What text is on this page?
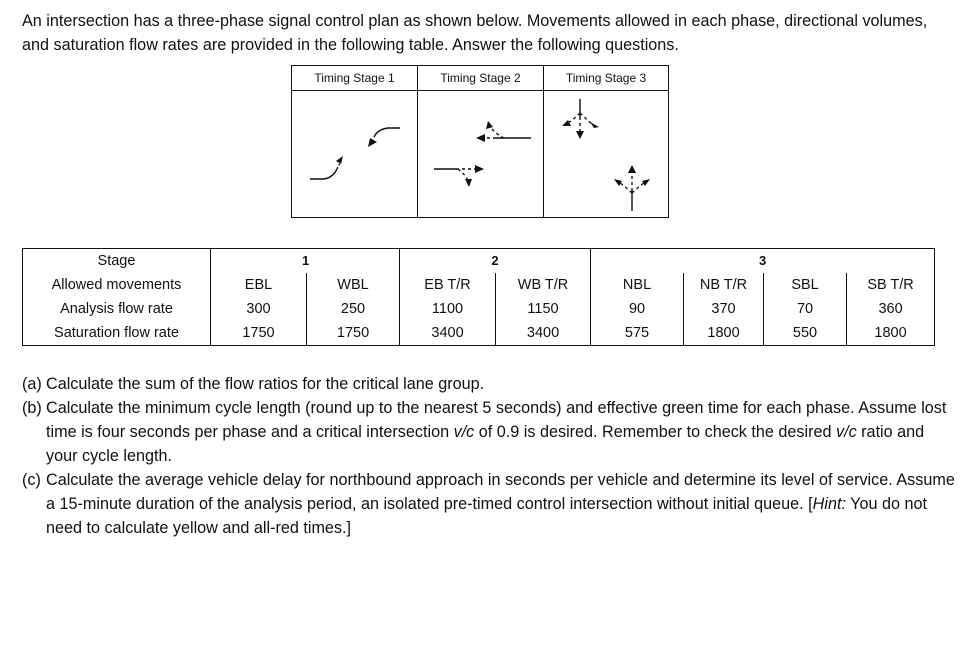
An intersection has a three-phase signal control plan as shown below. Movements allowed in each phase, directional volumes, and saturation flow rates are provided in the following table. Answer the following questions.

Timing Stage 1	Timing Stage 2	Timing Stage 3
Stage	1		2		3			
Allowed movements	EBL	WBL	EB T/R	WB T/R	NBL	NB T/R	SBL	SB T/R
Analysis flow rate	300	250	1100	1150	90	370	70	360
Saturation flow rate	1750	1750	3400	3400	575	1800	550	1800
(a) Calculate the sum of the flow ratios for the critical lane group.
(b) Calculate the minimum cycle length (round up to the nearest 5 seconds) and effective green time for each phase. Assume lost time is four seconds per phase and a critical intersection v/c of 0.9 is desired. Remember to check the desired v/c ratio and your cycle length.
(c) Calculate the average vehicle delay for northbound approach in seconds per vehicle and determine its level of service. Assume a 15-minute duration of the analysis period, an isolated pre-timed control intersection without initial queue. [Hint: You do not need to calculate yellow and all-red times.]
